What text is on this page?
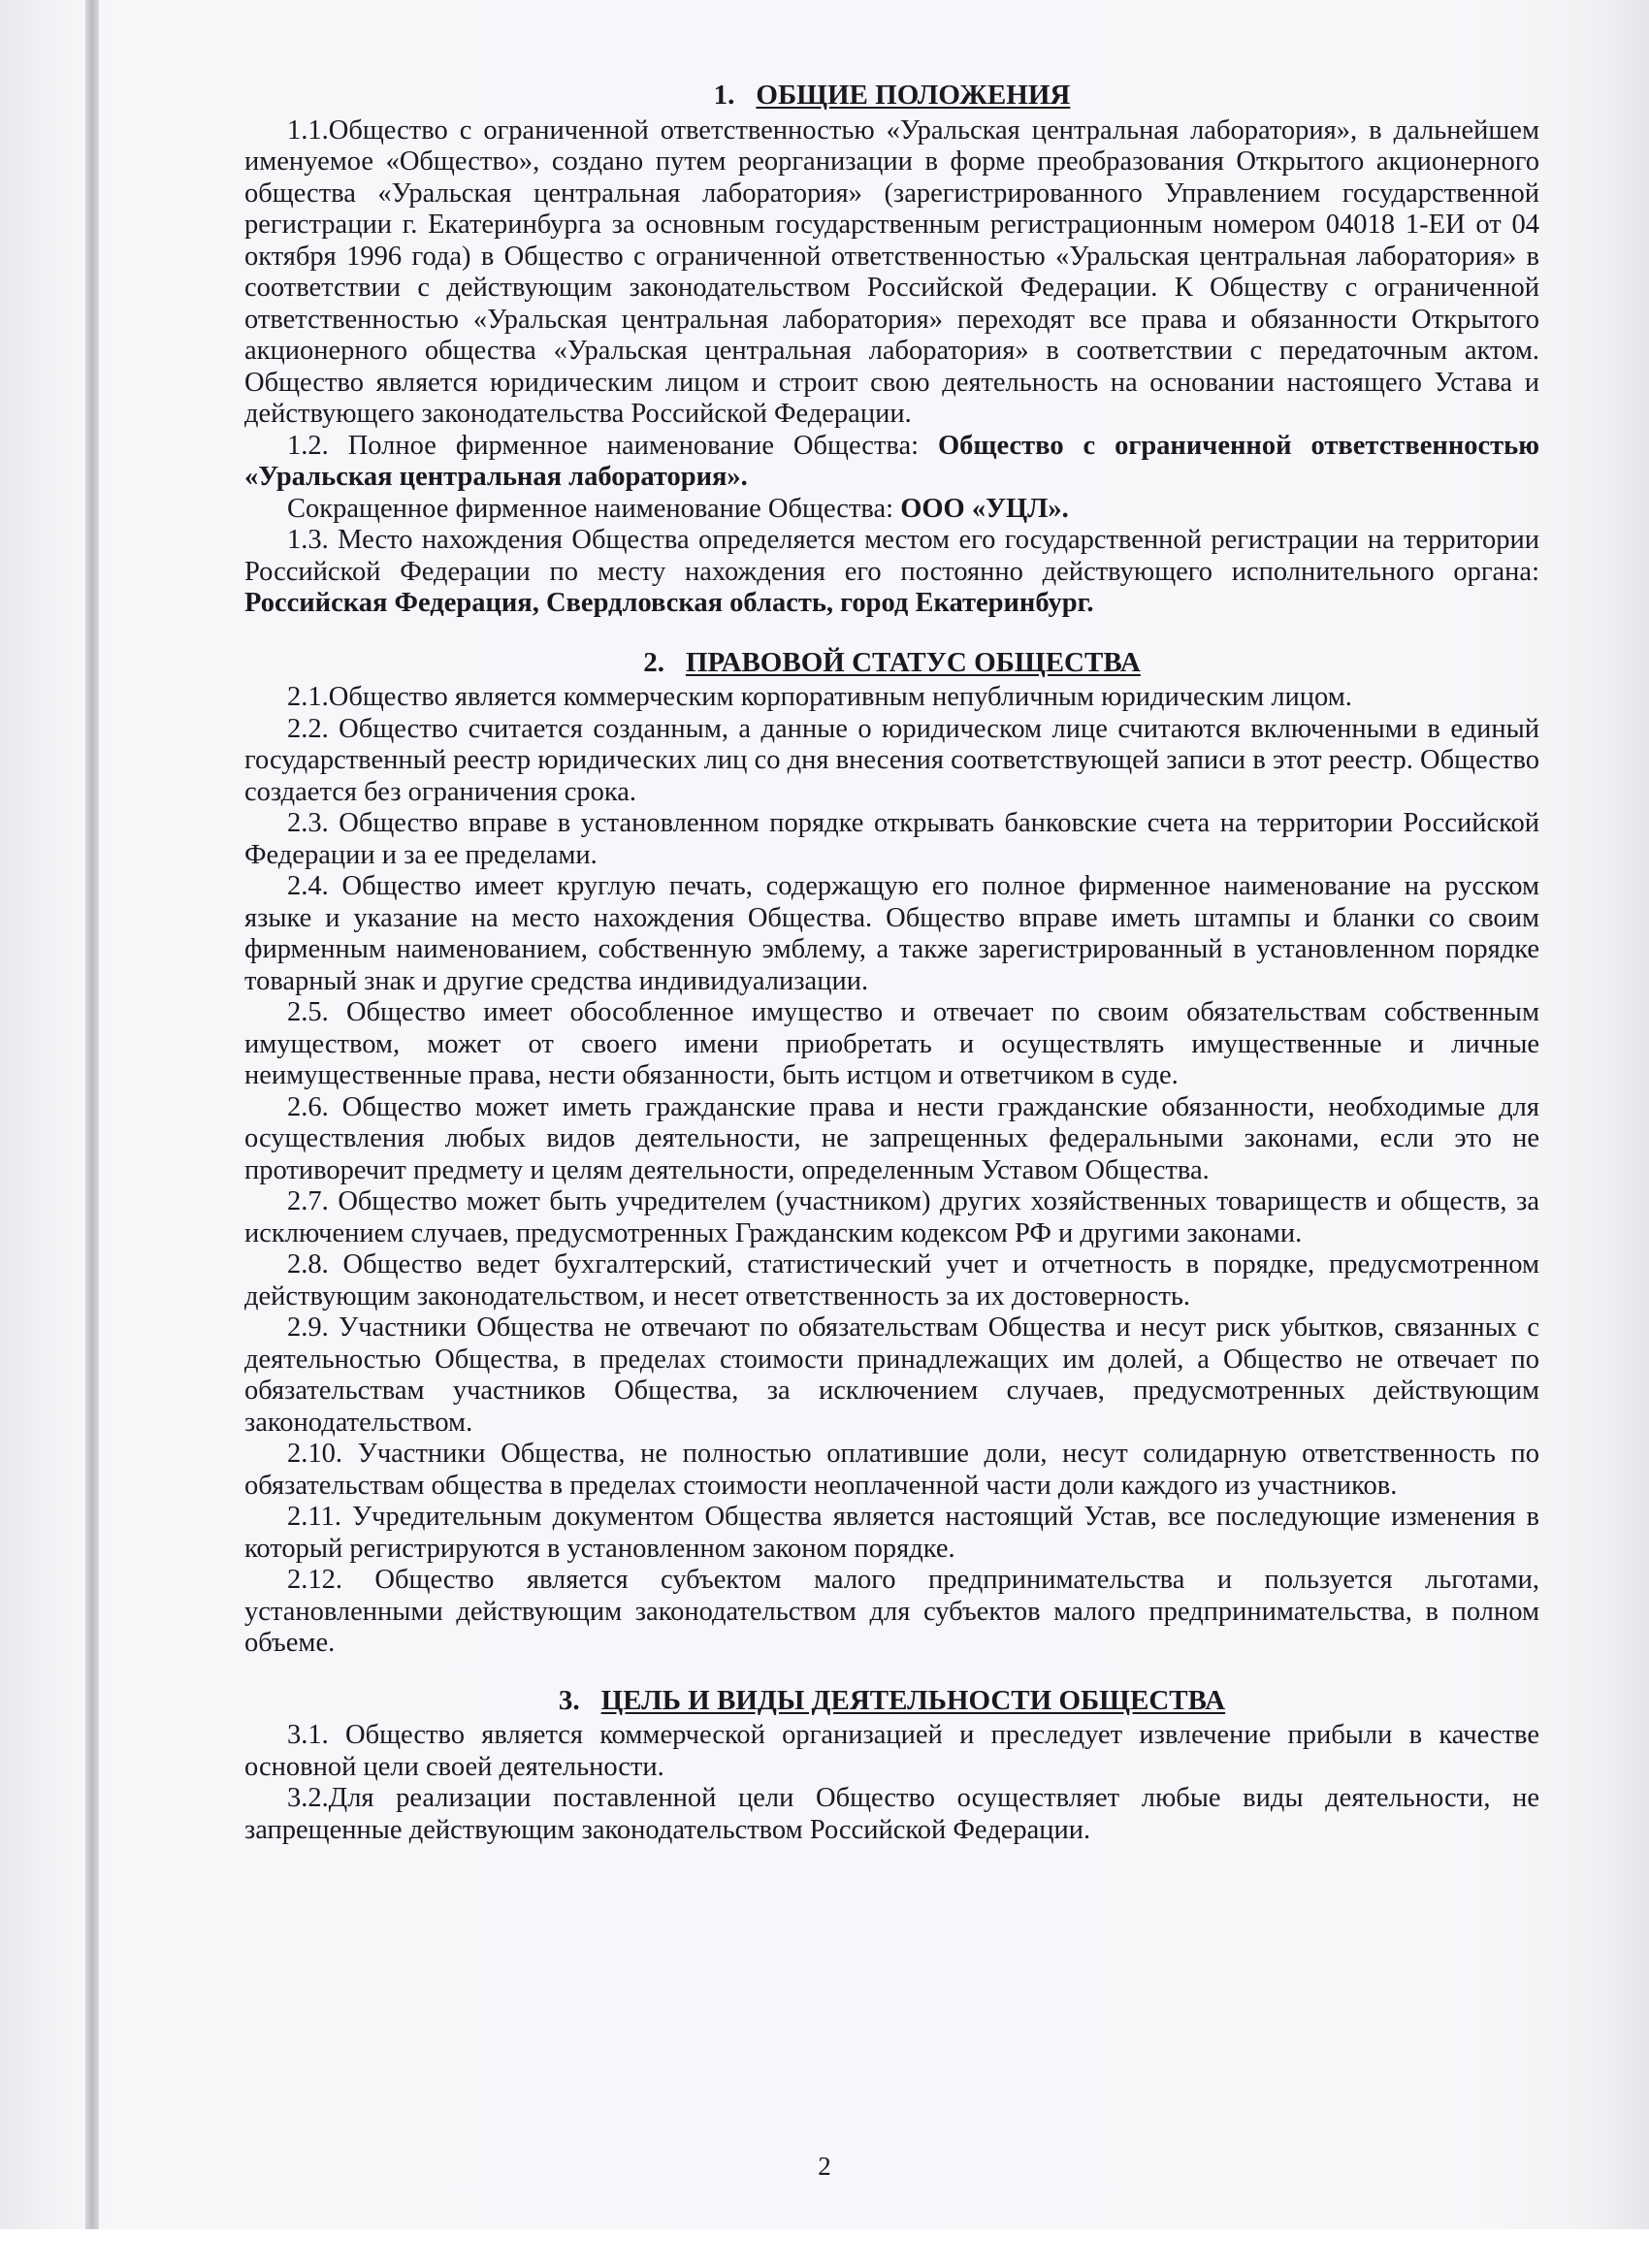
1. ОБЩИЕ ПОЛОЖЕНИЯ

1.1.Общество с ограниченной ответственностью «Уральская центральная лаборатория», в дальнейшем именуемое «Общество», создано путем реорганизации в форме преобразования Открытого акционерного общества «Уральская центральная лаборатория» (зарегистрированного Управлением государственной регистрации г. Екатеринбурга за основным государственным регистрационным номером 04018 1-ЕИ от 04 октября 1996 года) в Общество с ограниченной ответственностью «Уральская центральная лаборатория» в соответствии с действующим законодательством Российской Федерации. К Обществу с ограниченной ответственностью «Уральская центральная лаборатория» переходят все права и обязанности Открытого акционерного общества «Уральская центральная лаборатория» в соответствии с передаточным актом. Общество является юридическим лицом и строит свою деятельность на основании настоящего Устава и действующего законодательства Российской Федерации.

1.2. Полное фирменное наименование Общества: Общество с ограниченной ответственностью «Уральская центральная лаборатория».

Сокращенное фирменное наименование Общества: ООО «УЦЛ».

1.3. Место нахождения Общества определяется местом его государственной регистрации на территории Российской Федерации по месту нахождения его постоянно действующего исполнительного органа: Российская Федерация, Свердловская область, город Екатеринбург.

2. ПРАВОВОЙ СТАТУС ОБЩЕСТВА

2.1.Общество является коммерческим корпоративным непубличным юридическим лицом.

2.2. Общество считается созданным, а данные о юридическом лице считаются включенными в единый государственный реестр юридических лиц со дня внесения соответствующей записи в этот реестр. Общество создается без ограничения срока.

2.3. Общество вправе в установленном порядке открывать банковские счета на территории Российской Федерации и за ее пределами.

2.4. Общество имеет круглую печать, содержащую его полное фирменное наименование на русском языке и указание на место нахождения Общества. Общество вправе иметь штампы и бланки со своим фирменным наименованием, собственную эмблему, а также зарегистрированный в установленном порядке товарный знак и другие средства индивидуализации.

2.5. Общество имеет обособленное имущество и отвечает по своим обязательствам собственным имуществом, может от своего имени приобретать и осуществлять имущественные и личные неимущественные права, нести обязанности, быть истцом и ответчиком в суде.

2.6. Общество может иметь гражданские права и нести гражданские обязанности, необходимые для осуществления любых видов деятельности, не запрещенных федеральными законами, если это не противоречит предмету и целям деятельности, определенным Уставом Общества.

2.7. Общество может быть учредителем (участником) других хозяйственных товариществ и обществ, за исключением случаев, предусмотренных Гражданским кодексом РФ и другими законами.

2.8. Общество ведет бухгалтерский, статистический учет и отчетность в порядке, предусмотренном действующим законодательством, и несет ответственность за их достоверность.

2.9. Участники Общества не отвечают по обязательствам Общества и несут риск убытков, связанных с деятельностью Общества, в пределах стоимости принадлежащих им долей, а Общество не отвечает по обязательствам участников Общества, за исключением случаев, предусмотренных действующим законодательством.

2.10. Участники Общества, не полностью оплатившие доли, несут солидарную ответственность по обязательствам общества в пределах стоимости неоплаченной части доли каждого из участников.

2.11. Учредительным документом Общества является настоящий Устав, все последующие изменения в который регистрируются в установленном законом порядке.

2.12. Общество является субъектом малого предпринимательства и пользуется льготами, установленными действующим законодательством для субъектов малого предпринимательства, в полном объеме.

3. ЦЕЛЬ И ВИДЫ ДЕЯТЕЛЬНОСТИ ОБЩЕСТВА

3.1. Общество является коммерческой организацией и преследует извлечение прибыли в качестве основной цели своей деятельности.

3.2.Для реализации поставленной цели Общество осуществляет любые виды деятельности, не запрещенные действующим законодательством Российской Федерации.

2
